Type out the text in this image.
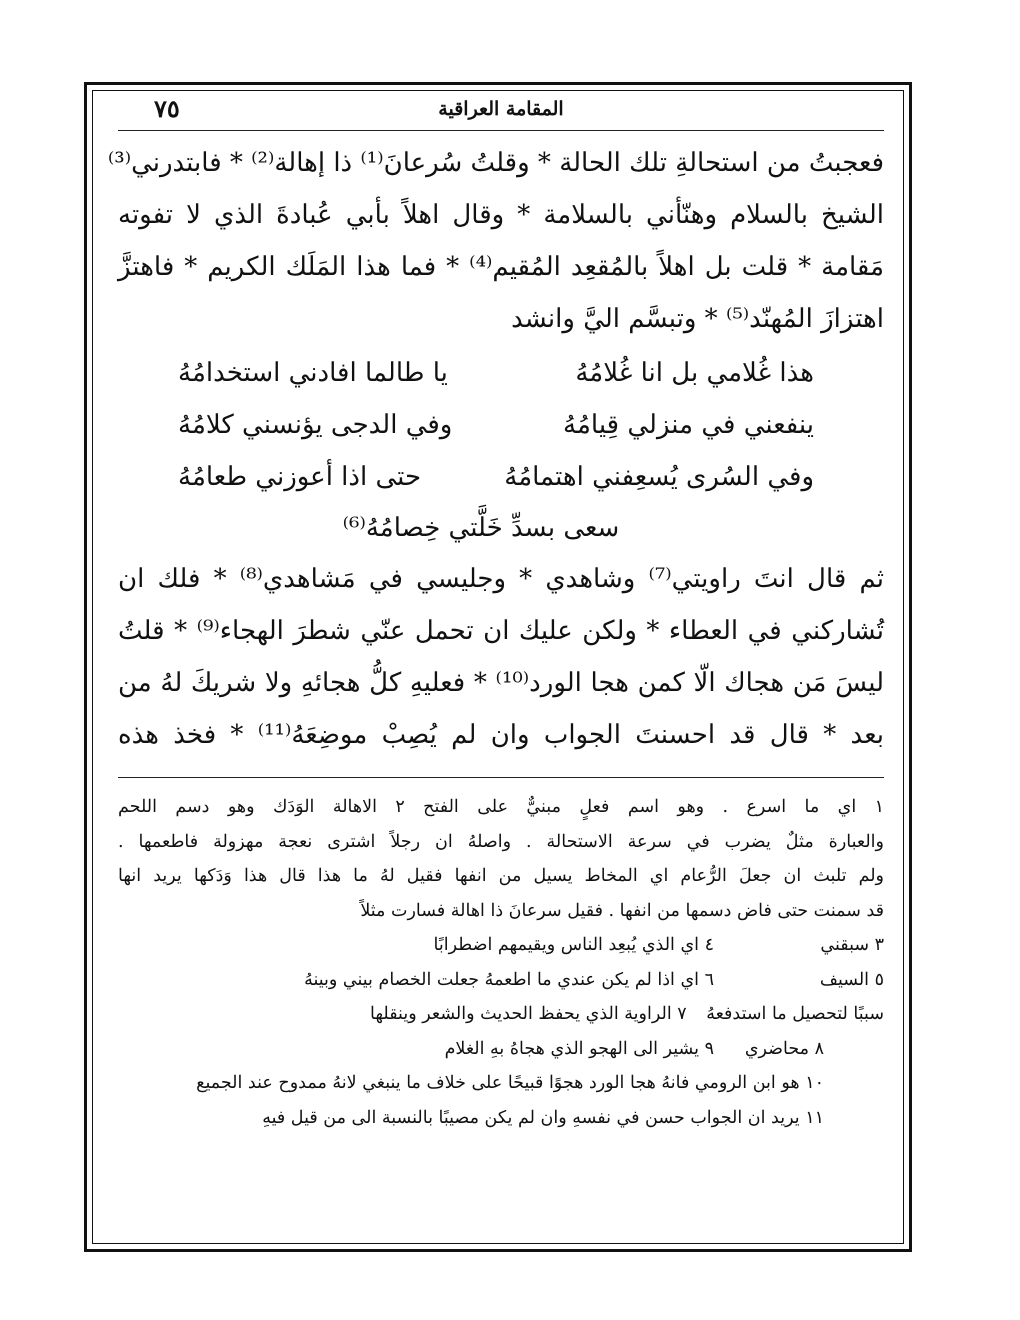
المقامة العراقية
٧٥
فعجبتُ من استحالةِ تلك الحالة * وقلتُ سُرعانَ⁽¹⁾ ذا إهالة⁽²⁾ * فابتدرني⁽³⁾
الشيخ بالسلام وهنّأني بالسلامة * وقال اهلاً بأبي عُبادةَ الذي لا تفوته
مَقامة * قلت بل اهلاً بالمُقعِد المُقيم⁽⁴⁾ * فما هذا المَلَك الكريم * فاهتزَّ
اهتزازَ المُهنّد⁽⁵⁾ * وتبسَّم اليَّ وانشد
هذا غُلامي بل انا غُلامُهُ
يا طالما افادني استخدامُهُ
ينفعني في منزلي قِيامُهُ
وفي الدجى يؤنسني كلامُهُ
وفي السُرى يُسعِفني اهتمامُهُ
حتى اذا أعوزني طعامُهُ
سعى بسدِّ خَلَّتي خِصامُهُ⁽⁶⁾
ثم قال انتَ راويتي⁽⁷⁾ وشاهدي * وجليسي في مَشاهدي⁽⁸⁾ * فلك ان
تُشاركني في العطاء * ولكن عليك ان تحمل عنّي شطرَ الهجاء⁽⁹⁾ * قلتُ
ليسَ مَن هجاك الّا كمن هجا الورد⁽¹⁰⁾ * فعليهِ كلُّ هجائهِ ولا شريكَ لهُ من
بعد * قال قد احسنتَ الجواب وان لم يُصِبْ موضِعَهُ⁽¹¹⁾ * فخذ هذه
١ اي ما اسرع . وهو اسم فعلٍ مبنيٌّ على الفتح ٢ الاهالة الوَدَك وهو دسم اللحم
والعبارة مثلٌ يضرب في سرعة الاستحالة . واصلهُ ان رجلاً اشترى نعجة مهزولة فاطعمها .
ولم تلبث ان جعلَ الرُّعام اي المخاط يسيل من انفها فقيل لهُ ما هذا قال هذا وَدَكها يريد انها
قد سمنت حتى فاض دسمها من انفها . فقيل سرعانَ ذا اهالة فسارت مثلاً
٣ سبقني
٤ اي الذي يُبعِد الناس ويقيمهم اضطرابًا
٥ السيف
٦ اي اذا لم يكن عندي ما اطعمهُ جعلت الخصام بيني وبينهُ
سببًا لتحصيل ما استدفعهُ ٧ الراوية الذي يحفظ الحديث والشعر وينقلها
٨ محاضري
٩ يشير الى الهجو الذي هجاهُ بهِ الغلام
١٠ هو ابن الرومي فانهُ هجا الورد هجوًا قبيحًا على خلاف ما ينبغي لانهُ ممدوح عند الجميع
١١ يريد ان الجواب حسن في نفسهِ وان لم يكن مصيبًا بالنسبة الى من قيل فيهِ
